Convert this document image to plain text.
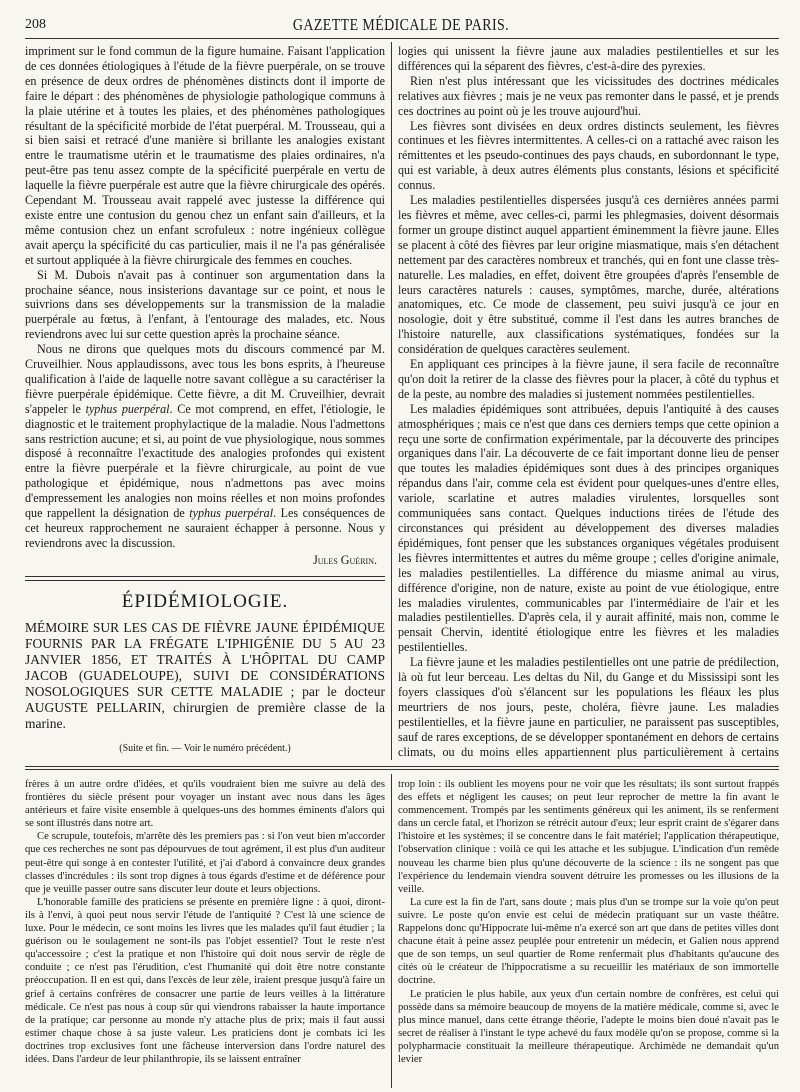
208	GAZETTE MÉDICALE DE PARIS.

impriment sur le fond commun de la figure humaine. Faisant l'application de ces données étiologiques à l'étude de la fièvre puerpérale, on se trouve en présence de deux ordres de phénomènes distincts dont il importe de faire le départ : des phénomènes de physiologie pathologique communs à la plaie utérine et à toutes les plaies, et des phénomènes pathologiques résultant de la spécificité morbide de l'état puerpéral. M. Trousseau, qui a si bien saisi et retracé d'une manière si brillante les analogies existant entre le traumatisme utérin et le traumatisme des plaies ordinaires, n'a peut-être pas tenu assez compte de la spécificité puerpérale en vertu de laquelle la fièvre puerpérale est autre que la fièvre chirurgicale des opérés. Cependant M. Trousseau avait rappelé avec justesse la différence qui existe entre une contusion du genou chez un enfant sain d'ailleurs, et la même contusion chez un enfant scrofuleux : notre ingénieux collègue avait aperçu la spécificité du cas particulier, mais il ne l'a pas généralisée et surtout appliquée à la fièvre chirurgicale des femmes en couches.

Si M. Dubois n'avait pas à continuer son argumentation dans la prochaine séance, nous insisterions davantage sur ce point, et nous le suivrions dans ses développements sur la transmission de la maladie puerpérale au fœtus, à l'enfant, à l'entourage des malades, etc. Nous reviendrons avec lui sur cette question après la prochaine séance.

Nous ne dirons que quelques mots du discours commencé par M. Cruveilhier. Nous applaudissons, avec tous les bons esprits, à l'heureuse qualification à l'aide de laquelle notre savant collègue a su caractériser la fièvre puerpérale épidémique. Cette fièvre, a dit M. Cruveilhier, devrait s'appeler le typhus puerpéral. Ce mot comprend, en effet, l'étiologie, le diagnostic et le traitement prophylactique de la maladie. Nous l'admettons sans restriction aucune; et si, au point de vue physiologique, nous sommes disposé à reconnaître l'exactitude des analogies profondes qui existent entre la fièvre puerpérale et la fièvre chirurgicale, au point de vue pathologique et épidémique, nous n'admettons pas avec moins d'empressement les analogies non moins réelles et non moins profondes que rappellent la désignation de typhus puerpéral. Les conséquences de cet heureux rapprochement ne sauraient échapper à personne. Nous y reviendrons avec la discussion.

Jules Guérin.
ÉPIDÉMIOLOGIE.
MÉMOIRE SUR LES CAS DE FIÈVRE JAUNE ÉPIDÉMIQUE FOURNIS PAR LA FRÉGATE L'IPHIGÉNIE DU 5 AU 23 JANVIER 1856, ET TRAITÉS À L'HÔPITAL DU CAMP JACOB (GUADELOUPE), SUIVI DE CONSIDÉRATIONS NOSOLOGIQUES SUR CETTE MALADIE ; par le docteur AUGUSTE PELLARIN, chirurgien de première classe de la marine.
(Suite et fin. — Voir le numéro précédent.)

logies qui unissent la fièvre jaune aux maladies pestilentielles et sur les différences qui la séparent des fièvres, c'est-à-dire des pyrexies.

Rien n'est plus intéressant que les vicissitudes des doctrines médicales relatives aux fièvres ; mais je ne veux pas remonter dans le passé, et je prends ces doctrines au point où je les trouve aujourd'hui.

Les fièvres sont divisées en deux ordres distincts seulement, les fièvres continues et les fièvres intermittentes. A celles-ci on a rattaché avec raison les rémittentes et les pseudo-continues des pays chauds, en subordonnant le type, qui est variable, à deux autres éléments plus constants, lésions et spécificité connus.

Les maladies pestilentielles dispersées jusqu'à ces dernières années parmi les fièvres et même, avec celles-ci, parmi les phlegmasies, doivent désormais former un groupe distinct auquel appartient éminemment la fièvre jaune. Elles se placent à côté des fièvres par leur origine miasmatique, mais s'en détachent nettement par des caractères nombreux et tranchés, qui en font une classe très-naturelle. Les maladies, en effet, doivent être groupées d'après l'ensemble de leurs caractères naturels : causes, symptômes, marche, durée, altérations anatomiques, etc. Ce mode de classement, peu suivi jusqu'à ce jour en nosologie, doit y être substitué, comme il l'est dans les autres branches de l'histoire naturelle, aux classifications systématiques, fondées sur la considération de quelques caractères seulement.

En appliquant ces principes à la fièvre jaune, il sera facile de reconnaître qu'on doit la retirer de la classe des fièvres pour la placer, à côté du typhus et de la peste, au nombre des maladies si justement nommées pestilentielles.

Les maladies épidémiques sont attribuées, depuis l'antiquité à des causes atmosphériques ; mais ce n'est que dans ces derniers temps que cette opinion a reçu une sorte de confirmation expérimentale, par la découverte des principes organiques dans l'air. La découverte de ce fait important donne lieu de penser que toutes les maladies épidémiques sont dues à des principes organiques répandus dans l'air, comme cela est évident pour quelques-unes d'entre elles, variole, scarlatine et autres maladies virulentes, lorsquelles sont communiquées sans contact. Quelques inductions tirées de l'étude des circonstances qui président au développement des diverses maladies épidémiques, font penser que les substances organiques végétales produisent les fièvres intermittentes et autres du même groupe ; celles d'origine animale, les maladies pestilentielles. La différence du miasme animal au virus, différence d'origine, non de nature, existe au point de vue étiologique, entre les maladies virulentes, communicables par l'intermédiaire de l'air et les maladies pestilentielles. D'après cela, il y aurait affinité, mais non, comme le pensait Chervin, identité étiologique entre les fièvres et les maladies pestilentielles.

La fièvre jaune et les maladies pestilentielles ont une patrie de prédilection, là où fut leur berceau. Les deltas du Nil, du Gange et du Mississipi sont les foyers classiques d'où s'élancent sur les populations les fléaux les plus meurtriers de nos jours, peste, choléra, fièvre jaune. Les maladies pestilentielles, et la fièvre jaune en particulier, ne paraissent pas susceptibles, sauf de rares exceptions, de se développer spontanément en dehors de certains climats, ou du moins elles appartiennent plus particulièrement à certains

frères à un autre ordre d'idées, et qu'ils voudraient bien me suivre au delà des frontières du siècle présent pour voyager un instant avec nous dans les âges antérieurs et faire visite ensemble à quelques-uns des hommes éminents d'alors qui se sont illustrés dans notre art.

Ce scrupule, toutefois, m'arrête dès les premiers pas : si l'on veut bien m'accorder que ces recherches ne sont pas dépourvues de tout agrément, il est plus d'un auditeur peut-être qui songe à en contester l'utilité, et j'ai d'abord à convaincre deux grandes classes d'incrédules : ils sont trop dignes à tous égards d'estime et de déférence pour que je veuille passer outre sans discuter leur doute et leurs objections.

L'honorable famille des praticiens se présente en première ligne : à quoi, diront-ils à l'envi, à quoi peut nous servir l'étude de l'antiquité ? C'est là une science de luxe. Pour le médecin, ce sont moins les livres que les malades qu'il faut étudier ; la guérison ou le soulagement ne sont-ils pas l'objet essentiel? Tout le reste n'est qu'accessoire ; c'est la pratique et non l'histoire qui doit nous servir de règle de conduite ; ce n'est pas l'érudition, c'est l'humanité qui doit être notre constante préoccupation. Il en est qui, dans l'excès de leur zèle, iraient presque jusqu'à faire un grief à certains confrères de consacrer une partie de leurs veilles à la littérature médicale. Ce n'est pas nous à coup sûr qui viendrons rabaisser la haute importance de la pratique; car personne au monde n'y attache plus de prix; mais il faut aussi estimer chaque chose à sa juste valeur. Les praticiens dont je combats ici les doctrines trop exclusives font une fâcheuse interversion dans l'ordre naturel des idées. Dans l'ardeur de leur philanthropie, ils se laissent entraîner

trop loin : ils oublient les moyens pour ne voir que les résultats; ils sont surtout frappés des effets et négligent les causes; on peut leur reprocher de mettre la fin avant le commencement. Trompés par les sentiments généreux qui les animent, ils se renferment dans un cercle fatal, et l'horizon se rétrécit autour d'eux; leur esprit craint de s'égarer dans l'histoire et les systèmes; il se concentre dans le fait matériel; l'application thérapeutique, l'observation clinique : voilà ce qui les attache et les subjugue. L'indication d'un remède nouveau les charme bien plus qu'une découverte de la science : ils ne songent pas que l'expérience du lendemain viendra souvent détruire les promesses ou les illusions de la veille.

La cure est la fin de l'art, sans doute ; mais plus d'un se trompe sur la voie qu'on peut suivre. Le poste qu'on envie est celui de médecin pratiquant sur un vaste théâtre. Rappelons donc qu'Hippocrate lui-même n'a exercé son art que dans de petites villes dont chacune était à peine assez peuplée pour entretenir un médecin, et Galien nous apprend que de son temps, un seul quartier de Rome renfermait plus d'habitants qu'aucune des cités où le créateur de l'hippocratisme a su recueillir les matériaux de son immortelle doctrine.

Le praticien le plus habile, aux yeux d'un certain nombre de confrères, est celui qui possède dans sa mémoire beaucoup de moyens de la matière médicale, comme si, avec le plus mince manuel, dans cette étrange théorie, l'adepte le moins bien doué n'avait pas le secret de réaliser à l'instant le type achevé du faux modèle qu'on se propose, comme si la polypharmacie constituait la meilleure thérapeutique. Archimède ne demandait qu'un levier
